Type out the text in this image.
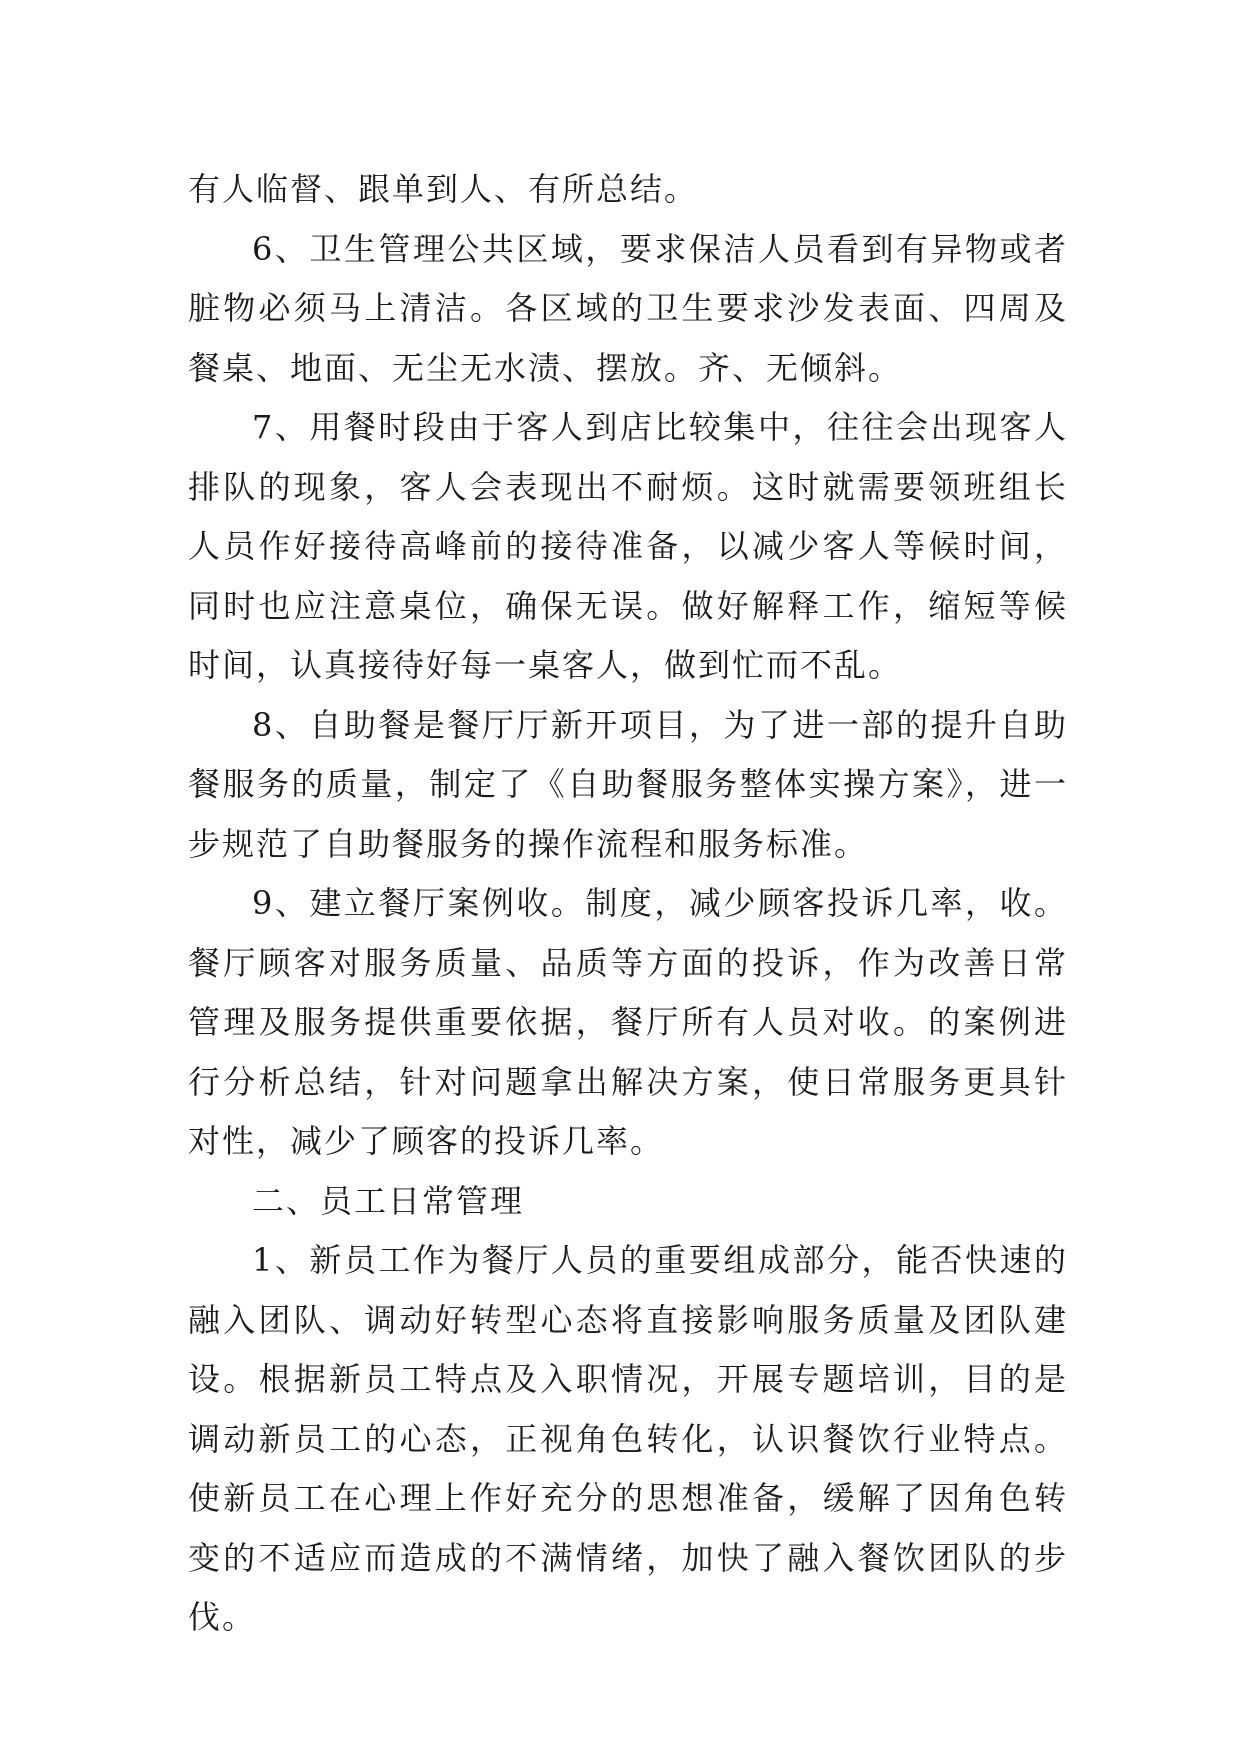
有人临督、跟单到人、有所总结。

6、卫生管理公共区域，要求保洁人员看到有异物或者脏物必须马上清洁。各区域的卫生要求沙发表面、四周及餐桌、地面、无尘无水渍、摆放。齐、无倾斜。

7、用餐时段由于客人到店比较集中，往往会出现客人排队的现象，客人会表现出不耐烦。这时就需要领班组长人员作好接待高峰前的接待准备，以减少客人等候时间，同时也应注意桌位，确保无误。做好解释工作，缩短等候时间，认真接待好每一桌客人，做到忙而不乱。

8、自助餐是餐厅厅新开项目，为了进一部的提升自助餐服务的质量，制定了《自助餐服务整体实操方案》，进一步规范了自助餐服务的操作流程和服务标准。

9、建立餐厅案例收。制度，减少顾客投诉几率，收。餐厅顾客对服务质量、品质等方面的投诉，作为改善日常管理及服务提供重要依据，餐厅所有人员对收。的案例进行分析总结，针对问题拿出解决方案，使日常服务更具针对性，减少了顾客的投诉几率。

二、员工日常管理

1、新员工作为餐厅人员的重要组成部分，能否快速的融入团队、调动好转型心态将直接影响服务质量及团队建设。根据新员工特点及入职情况，开展专题培训，目的是调动新员工的心态，正视角色转化，认识餐饮行业特点。使新员工在心理上作好充分的思想准备，缓解了因角色转变的不适应而造成的不满情绪，加快了融入餐饮团队的步伐。
